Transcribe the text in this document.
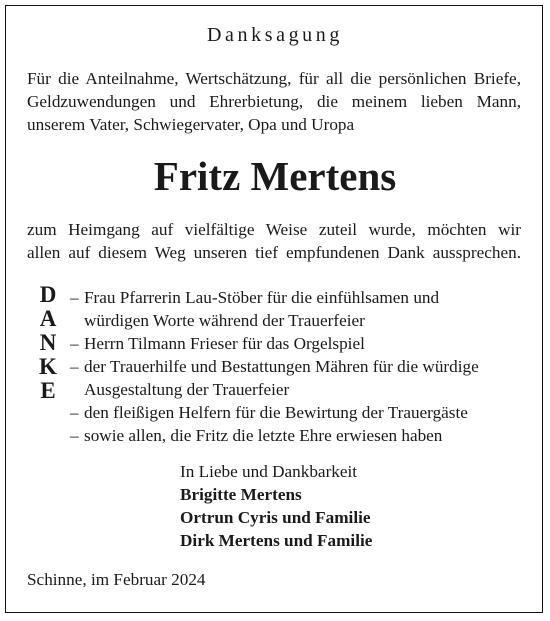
Danksagung
Für die Anteilnahme, Wertschätzung, für all die persönlichen Briefe,
Geldzuwendungen und Ehrerbietung, die meinem lieben Mann,
unserem Vater, Schwiegervater, Opa und Uropa
Fritz Mertens
zum Heimgang auf vielfältige Weise zuteil wurde, möchten wir
allen auf diesem Weg unseren tief empfundenen Dank aussprechen.
D
A
N
K
E
– Frau Pfarrerin Lau-Stöber für die einfühlsamen und
würdigen Worte während der Trauerfeier
– Herrn Tilmann Frieser für das Orgelspiel
– der Trauerhilfe und Bestattungen Mähren für die würdige
Ausgestaltung der Trauerfeier
– den fleißigen Helfern für die Bewirtung der Trauergäste
– sowie allen, die Fritz die letzte Ehre erwiesen haben
In Liebe und Dankbarkeit
Brigitte Mertens
Ortrun Cyris und Familie
Dirk Mertens und Familie
Schinne, im Februar 2024
